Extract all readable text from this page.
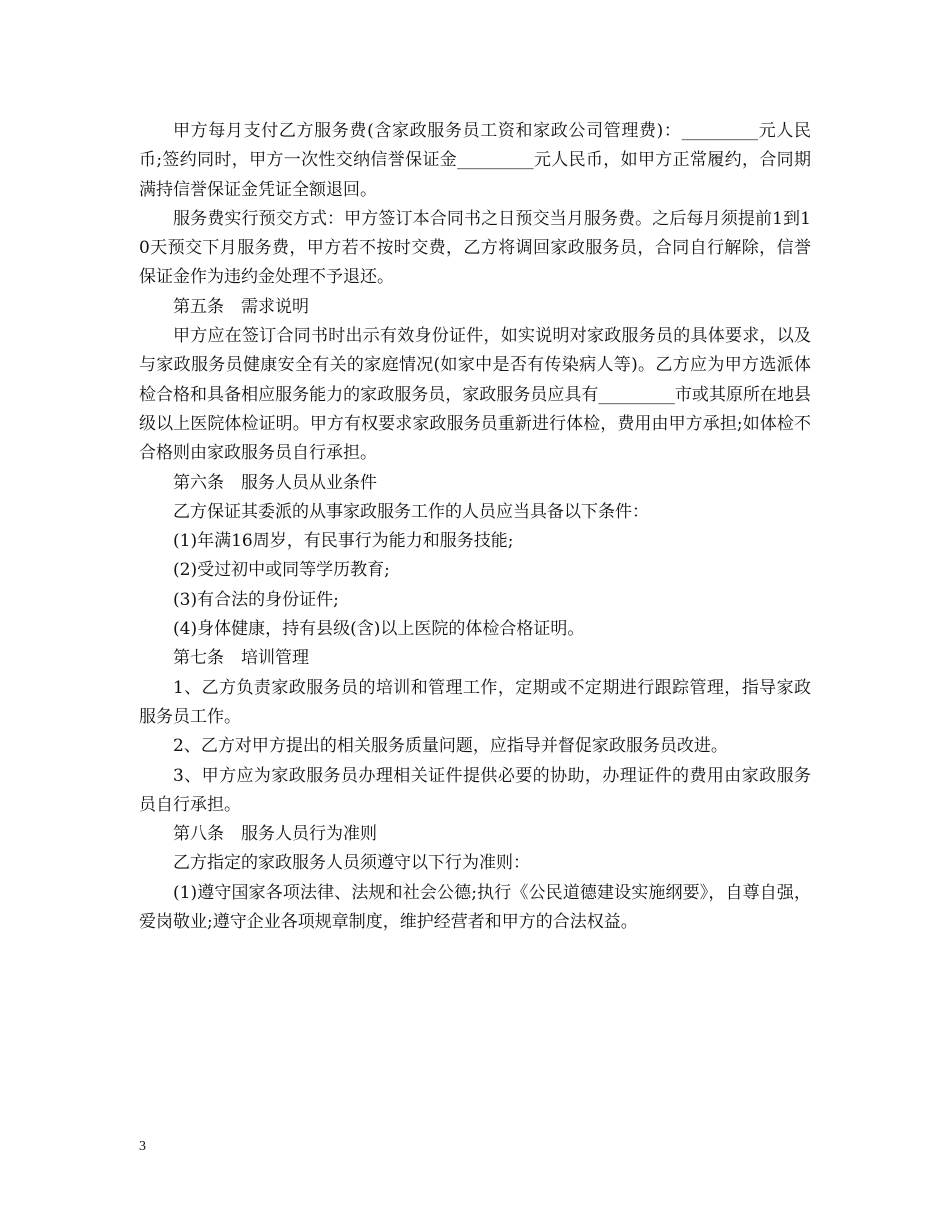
甲方每月支付乙方服务费(含家政服务员工资和家政公司管理费)：_________元人民币;签约同时，甲方一次性交纳信誉保证金_________元人民币，如甲方正常履约，合同期满持信誉保证金凭证全额退回。

服务费实行预交方式：甲方签订本合同书之日预交当月服务费。之后每月须提前1到10天预交下月服务费，甲方若不按时交费，乙方将调回家政服务员，合同自行解除，信誉保证金作为违约金处理不予退还。

第五条　需求说明

甲方应在签订合同书时出示有效身份证件，如实说明对家政服务员的具体要求，以及与家政服务员健康安全有关的家庭情况(如家中是否有传染病人等)。乙方应为甲方选派体检合格和具备相应服务能力的家政服务员，家政服务员应具有_________市或其原所在地县级以上医院体检证明。甲方有权要求家政服务员重新进行体检，费用由甲方承担;如体检不合格则由家政服务员自行承担。

第六条　服务人员从业条件

乙方保证其委派的从事家政服务工作的人员应当具备以下条件：

(1)年满16周岁，有民事行为能力和服务技能;

(2)受过初中或同等学历教育;

(3)有合法的身份证件;

(4)身体健康，持有县级(含)以上医院的体检合格证明。

第七条　培训管理

1、乙方负责家政服务员的培训和管理工作，定期或不定期进行跟踪管理，指导家政服务员工作。

2、乙方对甲方提出的相关服务质量问题，应指导并督促家政服务员改进。

3、甲方应为家政服务员办理相关证件提供必要的协助，办理证件的费用由家政服务员自行承担。

第八条　服务人员行为准则

乙方指定的家政服务人员须遵守以下行为准则：

(1)遵守国家各项法律、法规和社会公德;执行《公民道德建设实施纲要》，自尊自强，爱岗敬业;遵守企业各项规章制度，维护经营者和甲方的合法权益。

3
